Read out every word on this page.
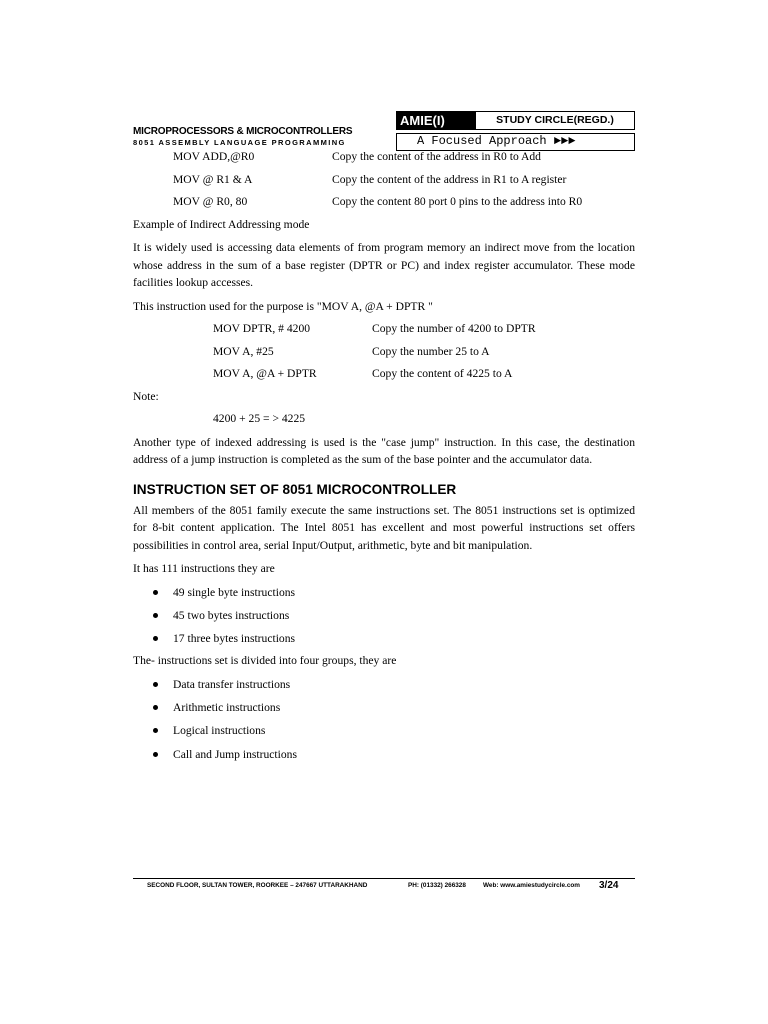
MICROPROCESSORS & MICROCONTROLLERS
8051 ASSEMBLY LANGUAGE PROGRAMMING
AMIE(I)	STUDY CIRCLE(REGD.)
A Focused Approach ►►►
MOV ADD,@R0	Copy the content of the address in R0 to Add
MOV @ R1 & A	Copy the content of the address in R1 to A register
MOV @ R0, 80	Copy the content 80 port 0 pins to the address into R0
Example of Indirect Addressing mode
It is widely used is accessing data elements of from program memory an indirect move from the location whose address in the sum of a base register (DPTR or PC) and index register accumulator. These mode facilities lookup accesses.
This instruction used for the purpose is "MOV A, @A + DPTR "
MOV DPTR, # 4200	Copy the number of 4200 to DPTR
MOV A, #25	Copy the number 25 to A
MOV A, @A + DPTR	Copy the content of 4225 to A
Note:
4200 + 25 = > 4225
Another type of indexed addressing is used is the "case jump" instruction. In this case, the destination address of a jump instruction is completed as the sum of the base pointer and the accumulator data.
INSTRUCTION SET OF 8051 MICROCONTROLLER
All members of the 8051 family execute the same instructions set. The 8051 instructions set is optimized for 8-bit content application. The Intel 8051 has excellent and most powerful instructions set offers possibilities in control area, serial Input/Output, arithmetic, byte and bit manipulation.
It has 111 instructions they are
49 single byte instructions
45 two bytes instructions
17 three bytes instructions
The- instructions set is divided into four groups, they are
Data transfer instructions
Arithmetic instructions
Logical instructions
Call and Jump instructions
SECOND FLOOR, SULTAN TOWER, ROORKEE – 247667 UTTARAKHAND	PH: (01332) 266328	Web: www.amiestudycircle.com 3/24
